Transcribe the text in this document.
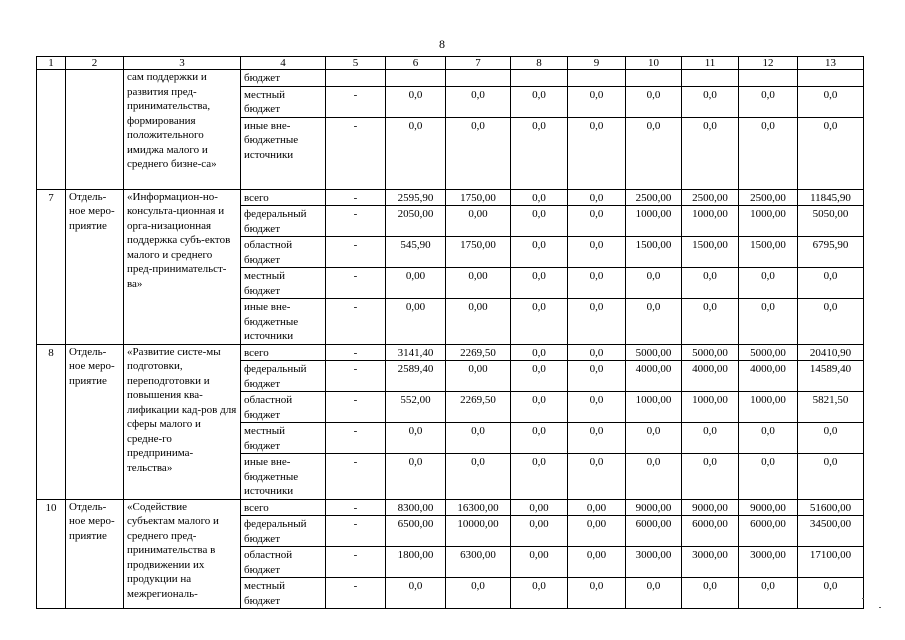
8
1	2	3	4	5	6	7	8	9	10	11	12	13
		сам поддержки и развития пред-принимательства, формирования положительного имиджа малого и среднего бизне-са»	бюджет									
			местный бюджет	-	0,0	0,0	0,0	0,0	0,0	0,0	0,0	0,0
			иные вне-бюджетные источники	-	0,0	0,0	0,0	0,0	0,0	0,0	0,0	0,0
7	Отдель-ное меро-приятие	«Информацион-но-консульта-ционная и орга-низационная поддержка субъ-ектов малого и среднего пред-принимательст-ва»	всего	-	2595,90	1750,00	0,0	0,0	2500,00	2500,00	2500,00	11845,90
			федеральный бюджет	-	2050,00	0,00	0,0	0,0	1000,00	1000,00	1000,00	5050,00
			областной бюджет	-	545,90	1750,00	0,0	0,0	1500,00	1500,00	1500,00	6795,90
			местный бюджет	-	0,00	0,00	0,0	0,0	0,0	0,0	0,0	0,0
			иные вне-бюджетные источники	-	0,00	0,00	0,0	0,0	0,0	0,0	0,0	0,0
8	Отдель-ное меро-приятие	«Развитие систе-мы подготовки, переподготовки и повышения ква-лификации кад-ров для сферы малого и средне-го предпринима-тельства»	всего	-	3141,40	2269,50	0,0	0,0	5000,00	5000,00	5000,00	20410,90
			федеральный бюджет	-	2589,40	0,00	0,0	0,0	4000,00	4000,00	4000,00	14589,40
			областной бюджет	-	552,00	2269,50	0,0	0,0	1000,00	1000,00	1000,00	5821,50
			местный бюджет	-	0,0	0,0	0,0	0,0	0,0	0,0	0,0	0,0
			иные вне-бюджетные источники	-	0,0	0,0	0,0	0,0	0,0	0,0	0,0	0,0
10	Отдель-ное меро-приятие	«Содействие субъектам малого и среднего пред-принимательства в продвижении их продукции на межрегиональ-	всего	-	8300,00	16300,00	0,00	0,00	9000,00	9000,00	9000,00	51600,00
			федеральный бюджет	-	6500,00	10000,00	0,00	0,00	6000,00	6000,00	6000,00	34500,00
			областной бюджет	-	1800,00	6300,00	0,00	0,00	3000,00	3000,00	3000,00	17100,00
			местный бюджет	-	0,0	0,0	0,0	0,0	0,0	0,0	0,0	0,0
